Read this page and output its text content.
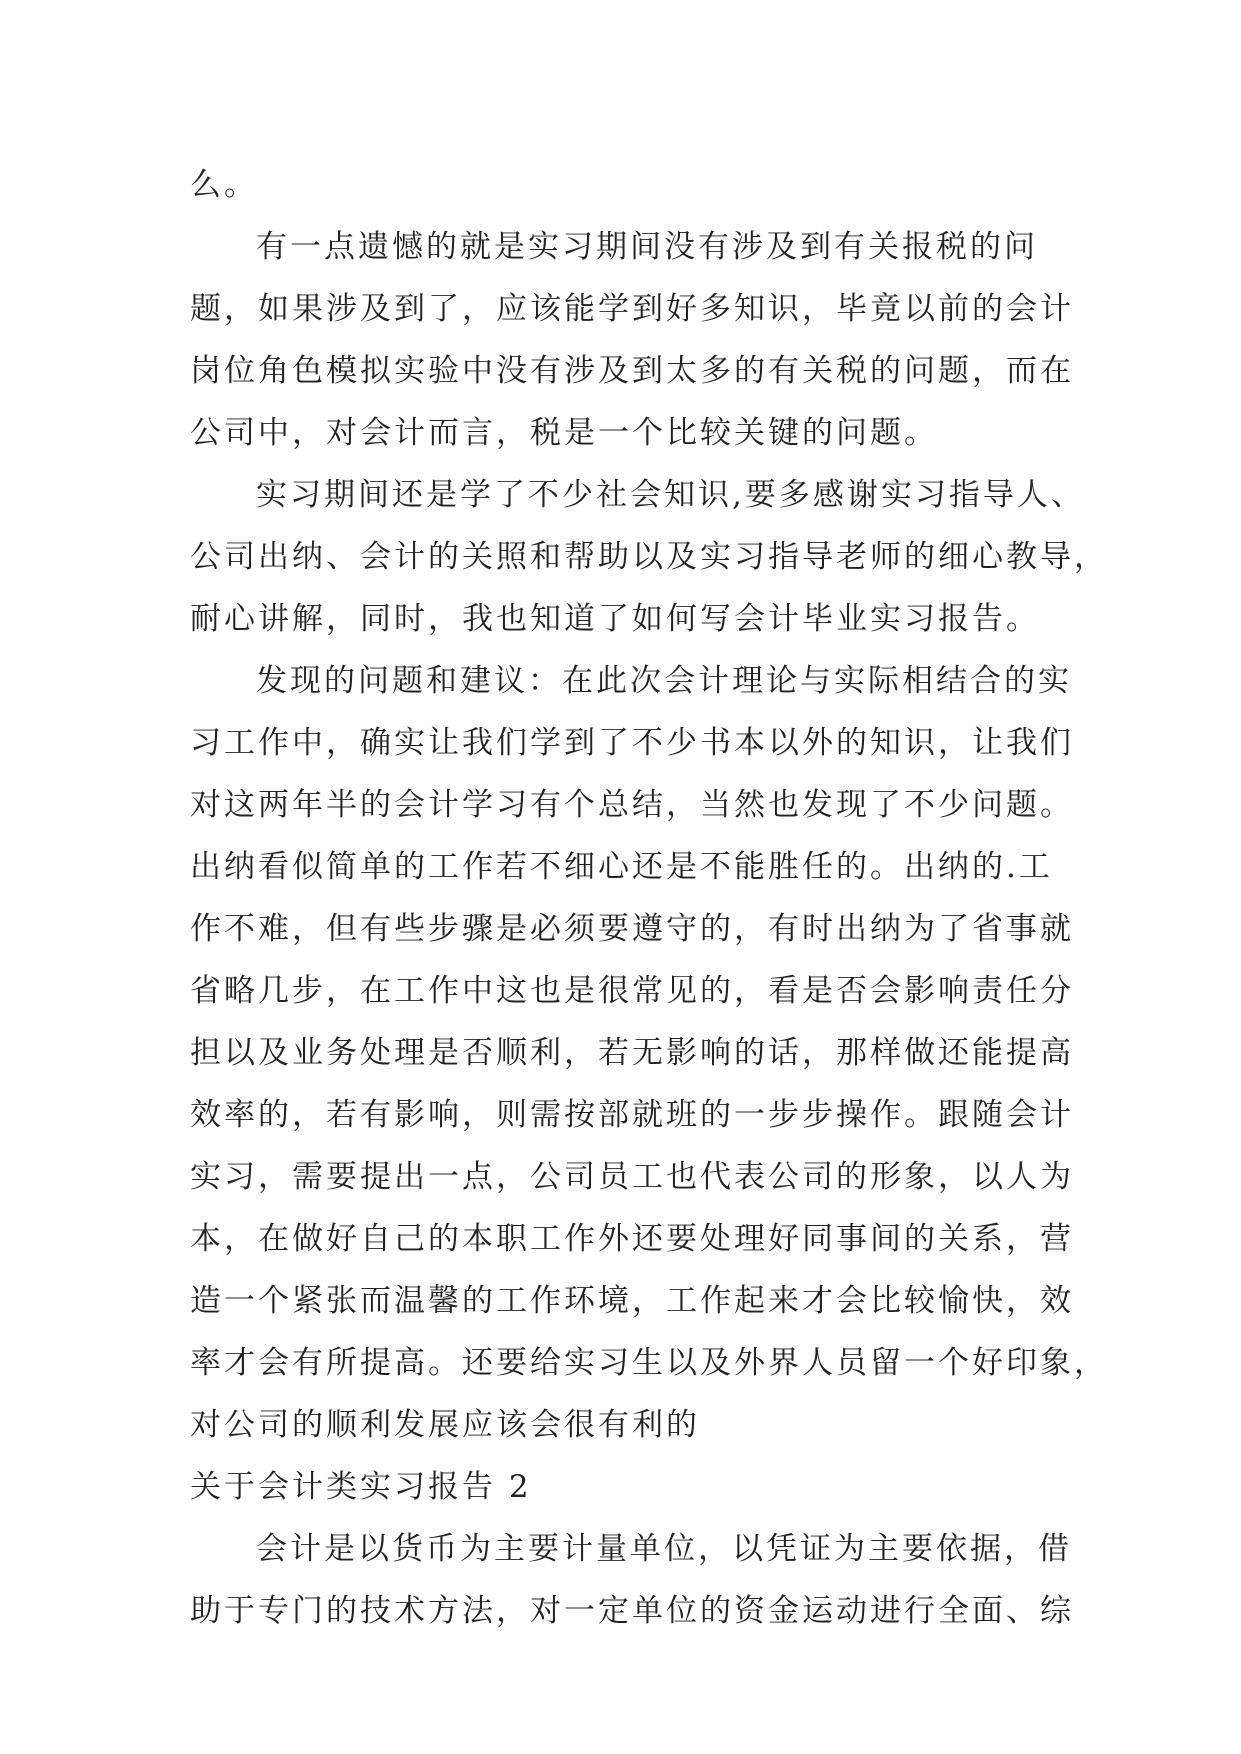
么。
有一点遗憾的就是实习期间没有涉及到有关报税的问
题，如果涉及到了，应该能学到好多知识，毕竟以前的会计
岗位角色模拟实验中没有涉及到太多的有关税的问题，而在
公司中，对会计而言，税是一个比较关键的问题。
实习期间还是学了不少社会知识,要多感谢实习指导人、
公司出纳、会计的关照和帮助以及实习指导老师的细心教导，
耐心讲解，同时，我也知道了如何写会计毕业实习报告。
发现的问题和建议：在此次会计理论与实际相结合的实
习工作中，确实让我们学到了不少书本以外的知识，让我们
对这两年半的会计学习有个总结，当然也发现了不少问题。
出纳看似简单的工作若不细心还是不能胜任的。出纳的.工
作不难，但有些步骤是必须要遵守的，有时出纳为了省事就
省略几步，在工作中这也是很常见的，看是否会影响责任分
担以及业务处理是否顺利，若无影响的话，那样做还能提高
效率的，若有影响，则需按部就班的一步步操作。跟随会计
实习，需要提出一点，公司员工也代表公司的形象，以人为
本，在做好自己的本职工作外还要处理好同事间的关系，营
造一个紧张而温馨的工作环境，工作起来才会比较愉快，效
率才会有所提高。还要给实习生以及外界人员留一个好印象，
对公司的顺利发展应该会很有利的
关于会计类实习报告 2
会计是以货币为主要计量单位，以凭证为主要依据，借
助于专门的技术方法，对一定单位的资金运动进行全面、综
